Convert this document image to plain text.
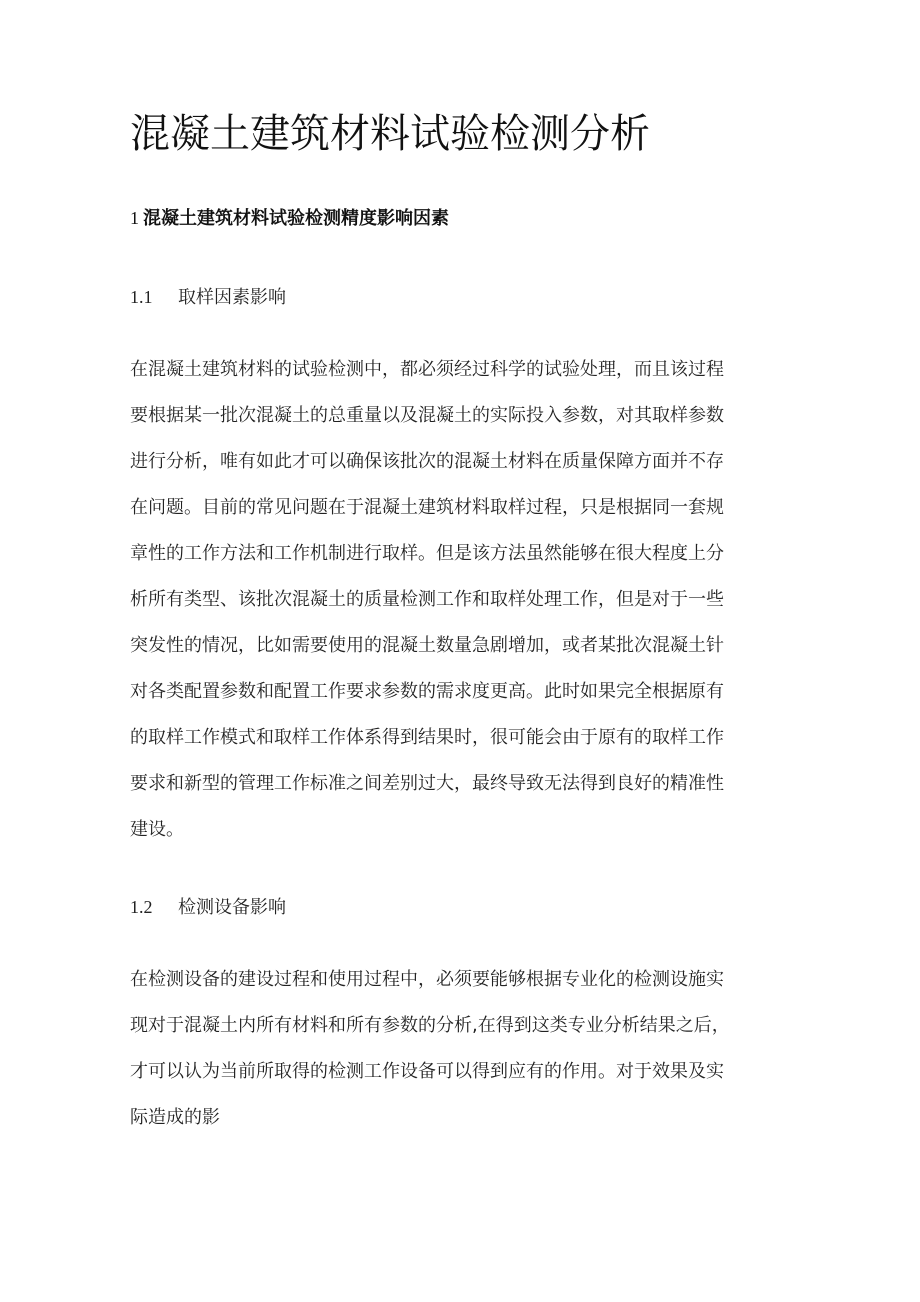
混凝土建筑材料试验检测分析
1 混凝土建筑材料试验检测精度影响因素
1.1 取样因素影响
在混凝土建筑材料的试验检测中，都必须经过科学的试验处理，而且该过程
要根据某一批次混凝土的总重量以及混凝土的实际投入参数，对其取样参数
进行分析，唯有如此才可以确保该批次的混凝土材料在质量保障方面并不存
在问题。目前的常见问题在于混凝土建筑材料取样过程，只是根据同一套规
章性的工作方法和工作机制进行取样。但是该方法虽然能够在很大程度上分
析所有类型、该批次混凝土的质量检测工作和取样处理工作，但是对于一些
突发性的情况，比如需要使用的混凝土数量急剧增加，或者某批次混凝土针
对各类配置参数和配置工作要求参数的需求度更高。此时如果完全根据原有
的取样工作模式和取样工作体系得到结果时，很可能会由于原有的取样工作
要求和新型的管理工作标准之间差别过大，最终导致无法得到良好的精准性
建设。
1.2 检测设备影响
在检测设备的建设过程和使用过程中，必须要能够根据专业化的检测设施实
现对于混凝土内所有材料和所有参数的分析,在得到这类专业分析结果之后，
才可以认为当前所取得的检测工作设备可以得到应有的作用。对于效果及实
际造成的影
